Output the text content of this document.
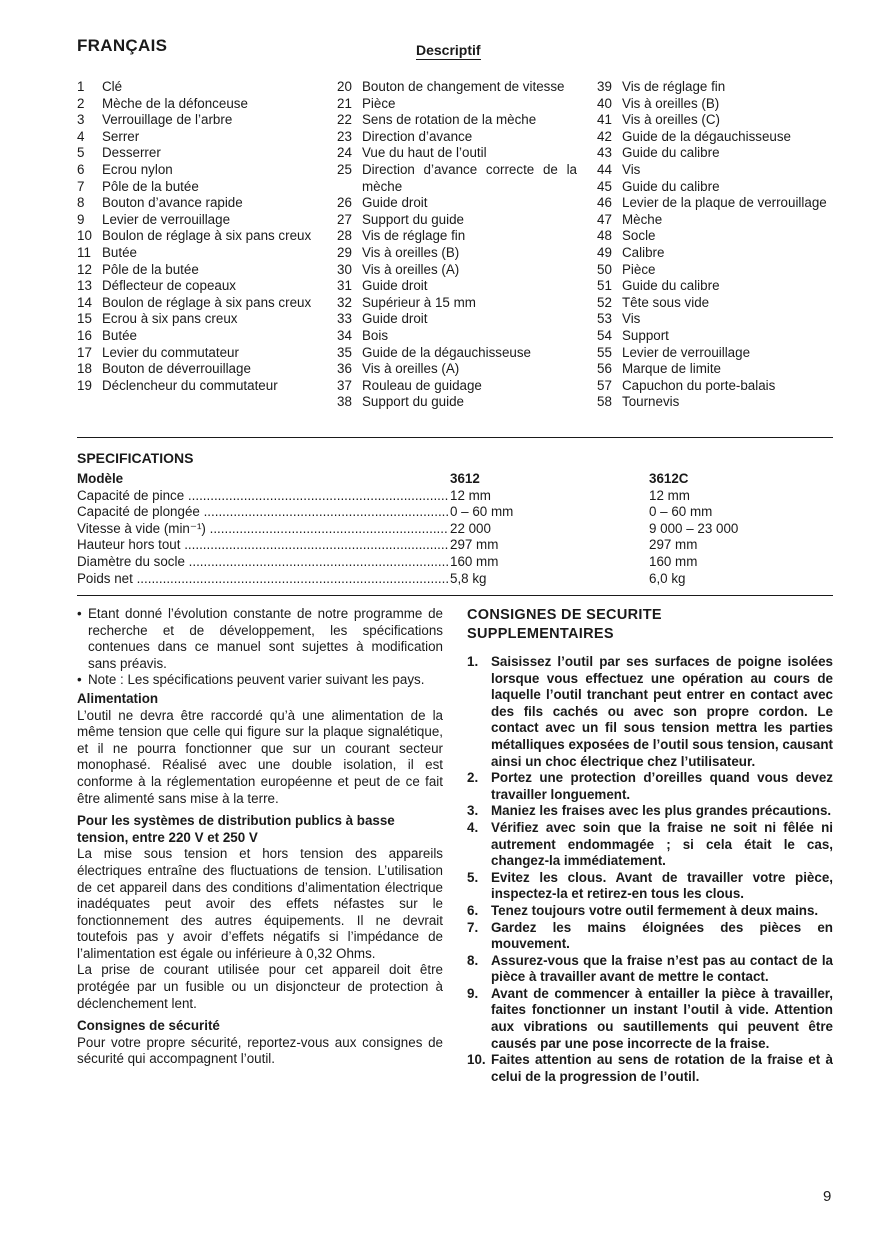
FRANÇAIS	Descriptif
1	Clé
2	Mèche de la défonceuse
3	Verrouillage de l’arbre
4	Serrer
5	Desserrer
6	Ecrou nylon
7	Pôle de la butée
8	Bouton d’avance rapide
9	Levier de verrouillage
10 Boulon de réglage à six pans creux
11 Butée
12 Pôle de la butée
13 Déflecteur de copeaux
14 Boulon de réglage à six pans creux
15 Ecrou à six pans creux
16 Butée
17 Levier du commutateur
18 Bouton de déverrouillage
19 Déclencheur du commutateur
20 Bouton de changement de vitesse
21 Pièce
22 Sens de rotation de la mèche
23 Direction d’avance
24 Vue du haut de l’outil
25 Direction d’avance correcte de la mèche
26 Guide droit
27 Support du guide
28 Vis de réglage fin
29 Vis à oreilles (B)
30 Vis à oreilles (A)
31 Guide droit
32 Supérieur à 15 mm
33 Guide droit
34 Bois
35 Guide de la dégauchisseuse
36 Vis à oreilles (A)
37 Rouleau de guidage
38 Support du guide
39 Vis de réglage fin
40 Vis à oreilles (B)
41 Vis à oreilles (C)
42 Guide de la dégauchisseuse
43 Guide du calibre
44 Vis
45 Guide du calibre
46 Levier de la plaque de verrouillage
47 Mèche
48 Socle
49 Calibre
50 Pièce
51 Guide du calibre
52 Tête sous vide
53 Vis
54 Support
55 Levier de verrouillage
56 Marque de limite
57 Capuchon du porte-balais
58 Tournevis
SPECIFICATIONS
Modèle	3612	3612C
Capacité de pince .....	12 mm	12 mm
Capacité de plongée .....	0 – 60 mm	0 – 60 mm
Vitesse à vide (min⁻¹) .....	22 000	9 000 – 23 000
Hauteur hors tout .....	297 mm	297 mm
Diamètre du socle .....	160 mm	160 mm
Poids net .....	5,8 kg	6,0 kg
• Etant donné l’évolution constante de notre programme de recherche et de développement, les spécifications contenues dans ce manuel sont sujettes à modification sans préavis.
• Note : Les spécifications peuvent varier suivant les pays.
Alimentation
L’outil ne devra être raccordé qu’à une alimentation de la même tension que celle qui figure sur la plaque signalétique, et il ne pourra fonctionner que sur un courant secteur monophasé. Réalisé avec une double isolation, il est conforme à la réglementation européenne et peut de ce fait être alimenté sans mise à la terre.
Pour les systèmes de distribution publics à basse tension, entre 220 V et 250 V
La mise sous tension et hors tension des appareils électriques entraîne des fluctuations de tension. L’utilisation de cet appareil dans des conditions d’alimentation électrique inadéquates peut avoir des effets néfastes sur le fonctionnement des autres équipements. Il ne devrait toutefois pas y avoir d’effets négatifs si l’impédance de l’alimentation est égale ou inférieure à 0,32 Ohms.
La prise de courant utilisée pour cet appareil doit être protégée par un fusible ou un disjoncteur de protection à déclenchement lent.
Consignes de sécurité
Pour votre propre sécurité, reportez-vous aux consignes de sécurité qui accompagnent l’outil.
CONSIGNES DE SECURITE
SUPPLEMENTAIRES
1. Saisissez l’outil par ses surfaces de poigne isolées lorsque vous effectuez une opération au cours de laquelle l’outil tranchant peut entrer en contact avec des fils cachés ou avec son propre cordon. Le contact avec un fil sous tension mettra les parties métalliques exposées de l’outil sous tension, causant ainsi un choc électrique chez l’utilisateur.
2. Portez une protection d’oreilles quand vous devez travailler longuement.
3. Maniez les fraises avec les plus grandes précautions.
4. Vérifiez avec soin que la fraise ne soit ni fêlée ni autrement endommagée ; si cela était le cas, changez-la immédiatement.
5. Evitez les clous. Avant de travailler votre pièce, inspectez-la et retirez-en tous les clous.
6. Tenez toujours votre outil fermement à deux mains.
7. Gardez les mains éloignées des pièces en mouvement.
8. Assurez-vous que la fraise n’est pas au contact de la pièce à travailler avant de mettre le contact.
9. Avant de commencer à entailler la pièce à travailler, faites fonctionner un instant l’outil à vide. Attention aux vibrations ou sautillements qui peuvent être causés par une pose incorrecte de la fraise.
10. Faites attention au sens de rotation de la fraise et à celui de la progression de l’outil.
9
